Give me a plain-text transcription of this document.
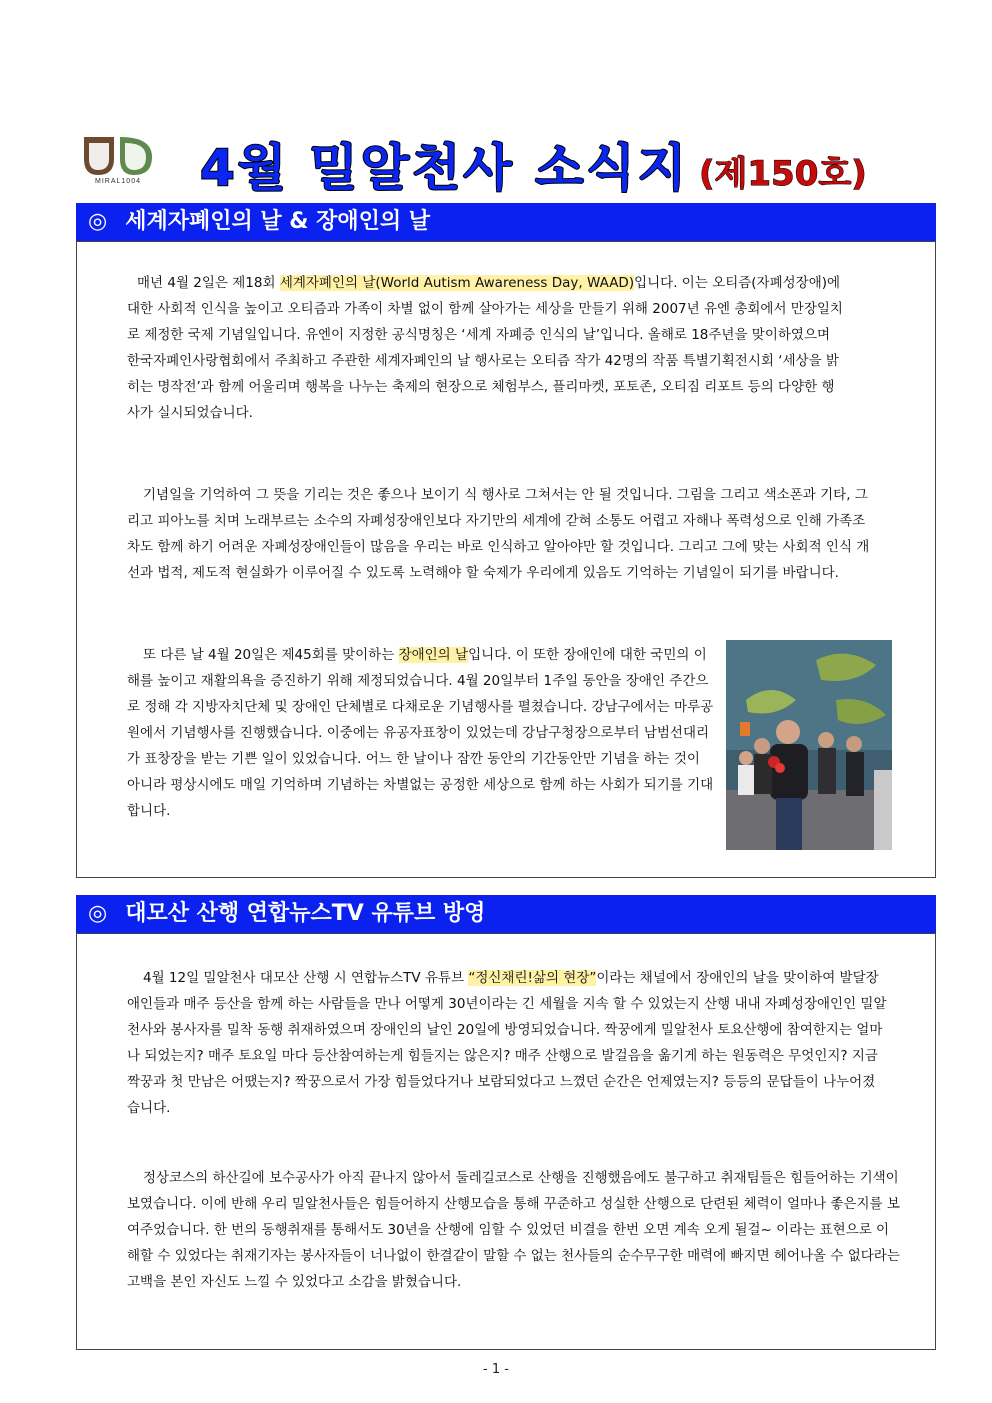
MIRAL1004	4월 밀알천사 소식지 (제150호)
◎ 세계자폐인의 날 & 장애인의 날

매년 4월 2일은 제18회 세계자폐인의 날(World Autism Awareness Day, WAAD)입니다. 이는 오티즘(자폐성장애)에 대한 사회적 인식을 높이고 오티즘과 가족이 차별 없이 함께 살아가는 세상을 만들기 위해 2007년 유엔 총회에서 만장일치로 제정한 국제 기념일입니다. 유엔이 지정한 공식명칭은 ‘세계 자폐증 인식의 날’입니다. 올해로 18주년을 맞이하였으며 한국자폐인사랑협회에서 주최하고 주관한 세계자폐인의 날 행사로는 오티즘 작가 42명의 작품 특별기획전시회 ‘세상을 밝히는 명작전’과 함께 어울리며 행복을 나누는 축제의 현장으로 체험부스, 플리마켓, 포토존, 오티짐 리포트 등의 다양한 행사가 실시되었습니다.

기념일을 기억하여 그 뜻을 기리는 것은 좋으나 보이기 식 행사로 그쳐서는 안 될 것입니다. 그림을 그리고 색소폰과 기타, 그리고 피아노를 치며 노래부르는 소수의 자폐성장애인보다 자기만의 세계에 갇혀 소통도 어렵고 자해나 폭력성으로 인해 가족조차도 함께 하기 어려운 자폐성장애인들이 많음을 우리는 바로 인식하고 알아야만 할 것입니다. 그리고 그에 맞는 사회적 인식 개선과 법적, 제도적 현실화가 이루어질 수 있도록 노력해야 할 숙제가 우리에게 있음도 기억하는 기념일이 되기를 바랍니다.

또 다른 날 4월 20일은 제45회를 맞이하는 장애인의 날입니다. 이 또한 장애인에 대한 국민의 이해를 높이고 재활의욕을 증진하기 위해 제정되었습니다. 4월 20일부터 1주일 동안을 장애인 주간으로 정해 각 지방자치단체 및 장애인 단체별로 다채로운 기념행사를 펼쳤습니다. 강남구에서는 마루공원에서 기념행사를 진행했습니다. 이중에는 유공자표창이 있었는데 강남구청장으로부터 남범선대리가 표창장을 받는 기쁜 일이 있었습니다. 어느 한 날이나 잠깐 동안의 기간동안만 기념을 하는 것이 아니라 평상시에도 매일 기억하며 기념하는 차별없는 공정한 세상으로 함께 하는 사회가 되기를 기대합니다.

◎ 대모산 산행 연합뉴스TV 유튜브 방영

4월 12일 밀알천사 대모산 산행 시 연합뉴스TV 유튜브 “정신채린!삶의 현장”이라는 채널에서 장애인의 날을 맞이하여 발달장애인들과 매주 등산을 함께 하는 사람들을 만나 어떻게 30년이라는 긴 세월을 지속 할 수 있었는지 산행 내내 자폐성장애인인 밀알천사와 봉사자를 밀착 동행 취재하였으며 장애인의 날인 20일에 방영되었습니다. 짝꿍에게 밀알천사 토요산행에 참여한지는 얼마나 되었는지? 매주 토요일 마다 등산참여하는게 힘들지는 않은지? 매주 산행으로 발걸음을 옮기게 하는 원동력은 무엇인지? 지금 짝꿍과 첫 만남은 어땠는지? 짝꿍으로서 가장 힘들었다거나 보람되었다고 느꼈던 순간은 언제였는지? 등등의 문답들이 나누어졌습니다.

정상코스의 하산길에 보수공사가 아직 끝나지 않아서 둘레길코스로 산행을 진행했음에도 불구하고 취재팀들은 힘들어하는 기색이 보였습니다. 이에 반해 우리 밀알천사들은 힘들어하지 산행모습을 통해 꾸준하고 성실한 산행으로 단련된 체력이 얼마나 좋은지를 보여주었습니다. 한 번의 동행취재를 통해서도 30년을 산행에 임할 수 있었던 비결을 한번 오면 계속 오게 될걸~ 이라는 표현으로 이해할 수 있었다는 취재기자는 봉사자들이 너나없이 한결같이 말할 수 없는 천사들의 순수무구한 매력에 빠지면 헤어나올 수 없다라는 고백을 본인 자신도 느낄 수 있었다고 소감을 밝혔습니다.

- 1 -
